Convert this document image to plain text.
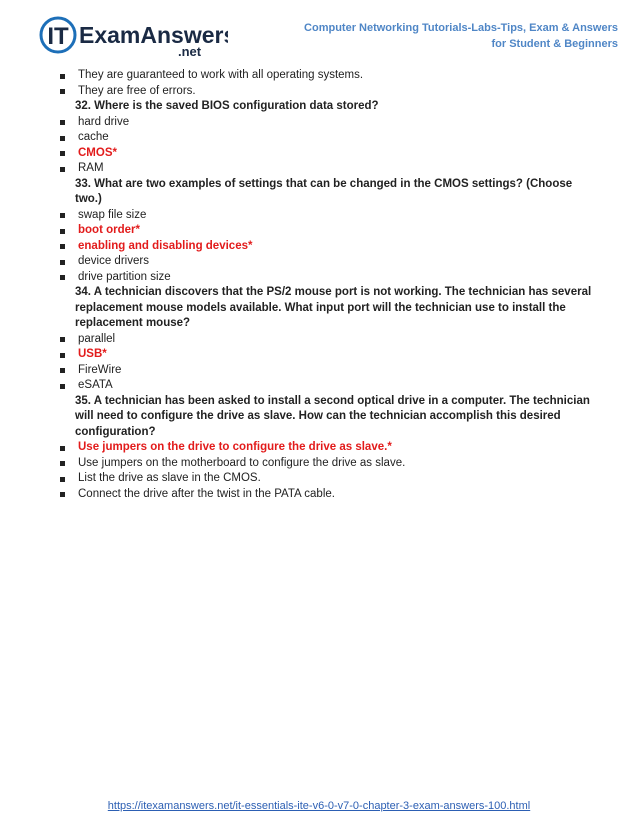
IT ExamAnswers
.net
Computer Networking Tutorials-Labs-Tips, Exam & Answers
for Student & Beginners
They are guaranteed to work with all operating systems.
They are free of errors.
32. Where is the saved BIOS configuration data stored?
hard drive
cache
CMOS*
RAM
33. What are two examples of settings that can be changed in the CMOS settings? (Choose two.)
swap file size
boot order*
enabling and disabling devices*
device drivers
drive partition size
34. A technician discovers that the PS/2 mouse port is not working. The technician has several replacement mouse models available. What input port will the technician use to install the replacement mouse?
parallel
USB*
FireWire
eSATA
35. A technician has been asked to install a second optical drive in a computer. The technician will need to configure the drive as slave. How can the technician accomplish this desired configuration?
Use jumpers on the drive to configure the drive as slave.*
Use jumpers on the motherboard to configure the drive as slave.
List the drive as slave in the CMOS.
Connect the drive after the twist in the PATA cable.
https://itexamanswers.net/it-essentials-ite-v6-0-v7-0-chapter-3-exam-answers-100.html
